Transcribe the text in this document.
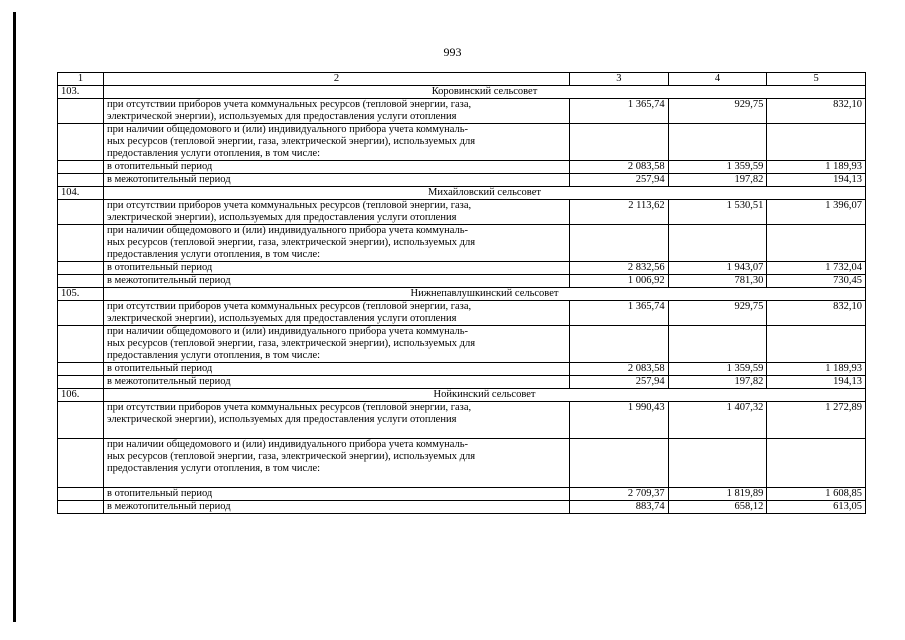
993
1	2	3	4	5
103.	Коровинский сельсовет			

	при отсутствии приборов учета коммунальных ресурсов (тепловой энергии, газа,
электрической энергии), используемых для предоставления услуги отопления	1 365,74	929,75	832,10

	при наличии общедомового и (или) индивидуального прибора учета коммуналь-
ных ресурсов (тепловой энергии, газа, электрической энергии), используемых для
предоставления услуги отопления, в том числе:			

	в отопительный период	2 083,58	1 359,59	1 189,93
	в межотопительный период	257,94	197,82	194,13
104.	Михайловский сельсовет			

	при отсутствии приборов учета коммунальных ресурсов (тепловой энергии, газа,
электрической энергии), используемых для предоставления услуги отопления	2 113,62	1 530,51	1 396,07

	при наличии общедомового и (или) индивидуального прибора учета коммуналь-
ных ресурсов (тепловой энергии, газа, электрической энергии), используемых для
предоставления услуги отопления, в том числе:			

	в отопительный период	2 832,56	1 943,07	1 732,04
	в межотопительный период	1 006,92	781,30	730,45
105.	Нижнепавлушкинский сельсовет			

	при отсутствии приборов учета коммунальных ресурсов (тепловой энергии, газа,
электрической энергии), используемых для предоставления услуги отопления	1 365,74	929,75	832,10

	при наличии общедомового и (или) индивидуального прибора учета коммуналь-
ных ресурсов (тепловой энергии, газа, электрической энергии), используемых для
предоставления услуги отопления, в том числе:			

	в отопительный период	2 083,58	1 359,59	1 189,93
	в межотопительный период	257,94	197,82	194,13
106.	Нойкинский сельсовет			

	при отсутствии приборов учета коммунальных ресурсов (тепловой энергии, газа,
электрической энергии), используемых для предоставления услуги отопления	1 990,43	1 407,32	1 272,89

	при наличии общедомового и (или) индивидуального прибора учета коммуналь-
ных ресурсов (тепловой энергии, газа, электрической энергии), используемых для
предоставления услуги отопления, в том числе:			

	в отопительный период	2 709,37	1 819,89	1 608,85
	в межотопительный период	883,74	658,12	613,05
